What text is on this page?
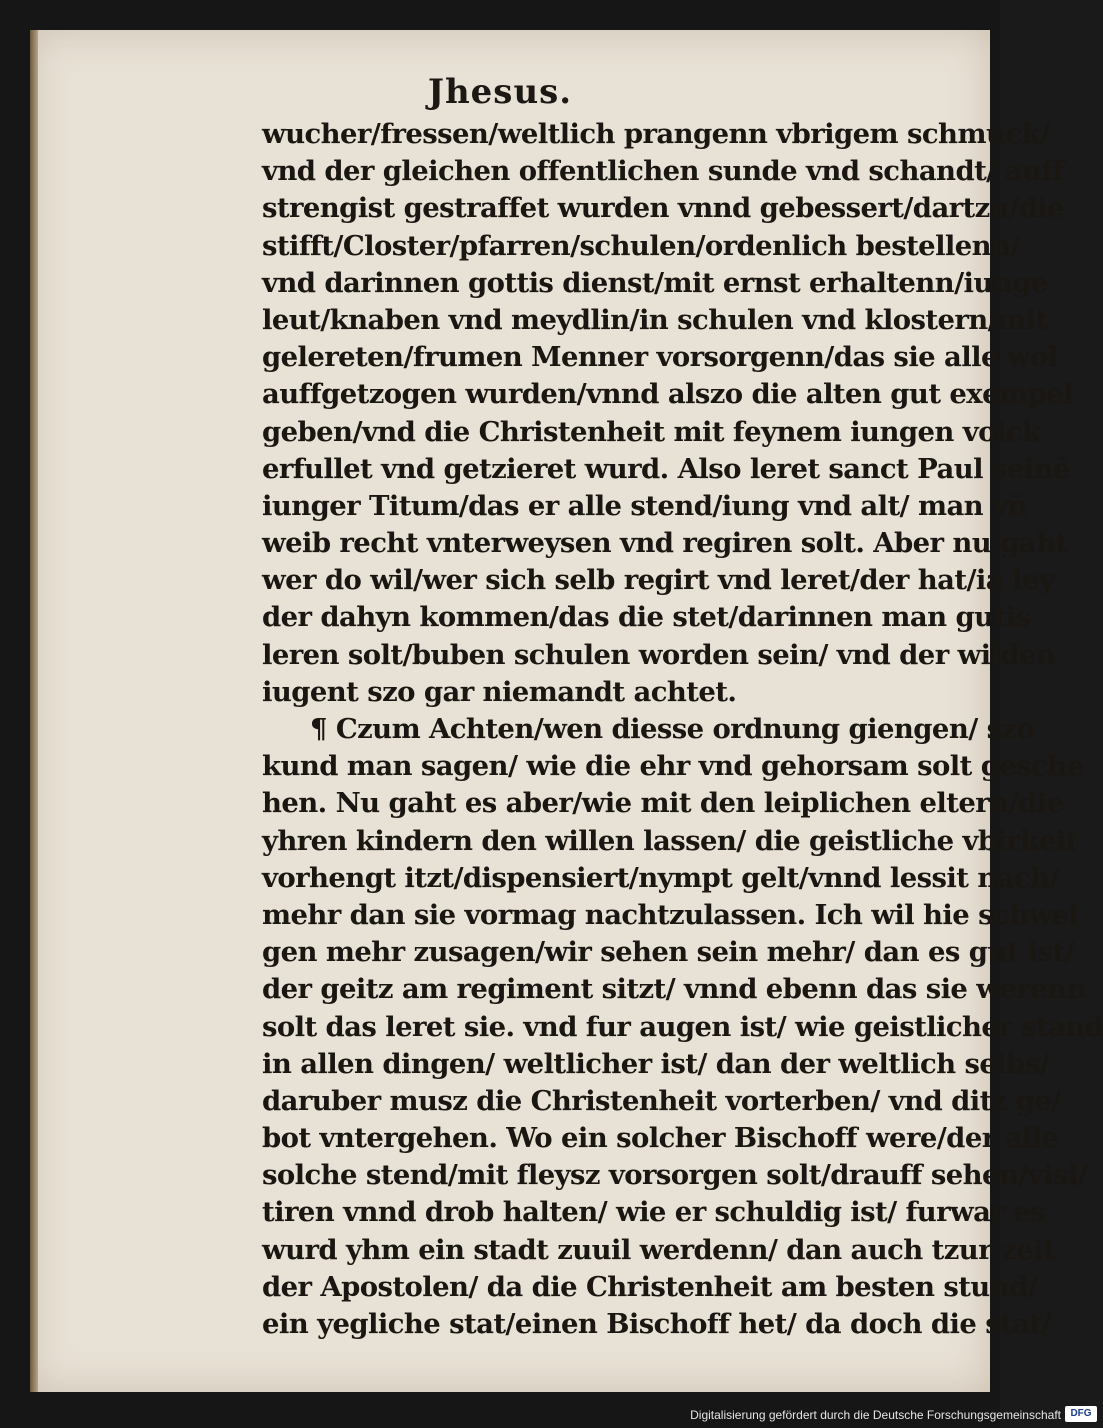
Jhesus.
wucher/fressen/weltlich prangenn vbrigem schmuck/
vnd der gleichen offentlichen sunde vnd schandt/ auff
strengist gestraffet wurden vnnd gebessert/dartzu/die
stifft/Closter/pfarren/schulen/ordenlich bestellenn/
vnd darinnen gottis dienst/mit ernst erhaltenn/iunge
leut/knaben vnd meydlin/in schulen vnd klostern/mit
gelereten/frumen Menner vorsorgenn/das sie alle wol
auffgetzogen wurden/vnnd alszo die alten gut exempel
geben/vnd die Christenheit mit feynem iungen volck
erfullet vnd getzieret wurd. Also leret sanct Paul seinē
iunger Titum/das er alle stend/iung vnd alt/ man vn̄
weib recht vnterweysen vnd regiren solt. Aber nu gaht
wer do wil/wer sich selb regirt vnd leret/der hat/ia ley
der dahyn kommen/das die stet/darinnen man gutis
leren solt/buben schulen worden sein/ vnd der wilden
iugent szo gar niemandt achtet.
¶ Czum Achten/wen diesse ordnung giengen/ szo
kund man sagen/ wie die ehr vnd gehorsam solt gesche
hen. Nu gaht es aber/wie mit den leiplichen eltern/die
yhren kindern den willen lassen/ die geistliche vbirkeit
vorhengt itzt/dispensiert/nympt gelt/vnnd lessit nach/
mehr dan sie vormag nachtzulassen. Ich wil hie schwei
gen mehr zusagen/wir sehen sein mehr/ dan es gut ist/
der geitz am regiment sitzt/ vnnd ebenn das sie werenn
solt das leret sie. vnd fur augen ist/ wie geistlicher stand
in allen dingen/ weltlicher ist/ dan der weltlich selbs/
daruber musz die Christenheit vorterben/ vnd ditz ge/
bot vntergehen. Wo ein solcher Bischoff were/der alle
solche stend/mit fleysz vorsorgen solt/drauff sehen/visi/
tiren vnnd drob halten/ wie er schuldig ist/ furwar es
wurd yhm ein stadt zuuil werdenn/ dan auch tzur zeit
der Apostolen/ da die Christenheit am besten stund/
ein yegliche stat/einen Bischoff het/ da doch die stat/
Digitalisierung gefördert durch die Deutsche Forschungsgemeinschaft DFG
